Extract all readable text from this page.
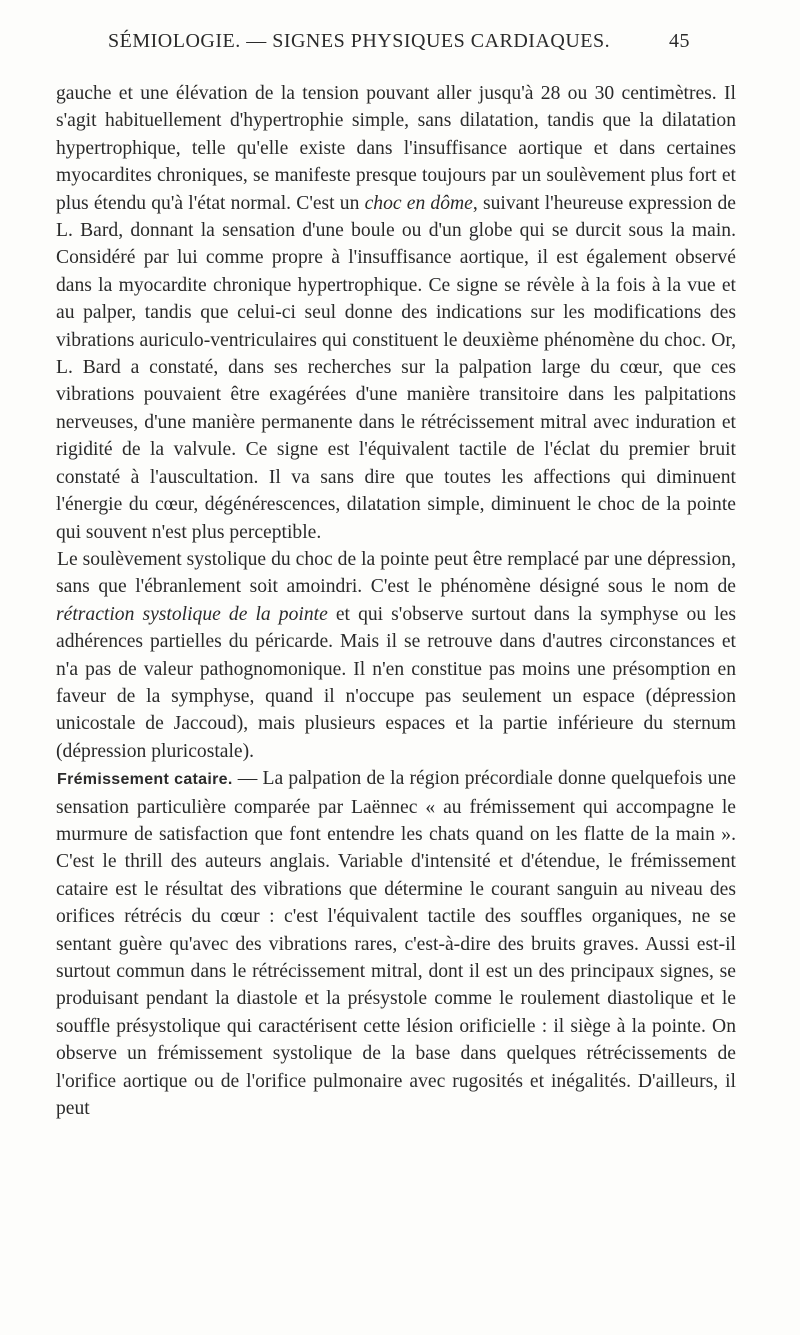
SÉMIOLOGIE. — SIGNES PHYSIQUES CARDIAQUES.	45

gauche et une élévation de la tension pouvant aller jusqu'à 28 ou 30 centimètres. Il s'agit habituellement d'hypertrophie simple, sans dilatation, tandis que la dilatation hypertrophique, telle qu'elle existe dans l'insuffisance aortique et dans certaines myocardites chroniques, se manifeste presque toujours par un soulèvement plus fort et plus étendu qu'à l'état normal. C'est un choc en dôme, suivant l'heureuse expression de L. Bard, donnant la sensation d'une boule ou d'un globe qui se durcit sous la main. Considéré par lui comme propre à l'insuffisance aortique, il est également observé dans la myocardite chronique hypertrophique. Ce signe se révèle à la fois à la vue et au palper, tandis que celui-ci seul donne des indications sur les modifications des vibrations auriculo-ventriculaires qui constituent le deuxième phénomène du choc. Or, L. Bard a constaté, dans ses recherches sur la palpation large du cœur, que ces vibrations pouvaient être exagérées d'une manière transitoire dans les palpitations nerveuses, d'une manière permanente dans le rétrécissement mitral avec induration et rigidité de la valvule. Ce signe est l'équivalent tactile de l'éclat du premier bruit constaté à l'auscultation. Il va sans dire que toutes les affections qui diminuent l'énergie du cœur, dégénérescences, dilatation simple, diminuent le choc de la pointe qui souvent n'est plus perceptible.

Le soulèvement systolique du choc de la pointe peut être remplacé par une dépression, sans que l'ébranlement soit amoindri. C'est le phénomène désigné sous le nom de rétraction systolique de la pointe et qui s'observe surtout dans la symphyse ou les adhérences partielles du péricarde. Mais il se retrouve dans d'autres circonstances et n'a pas de valeur pathognomonique. Il n'en constitue pas moins une présomption en faveur de la symphyse, quand il n'occupe pas seulement un espace (dépression unicostale de Jaccoud), mais plusieurs espaces et la partie inférieure du sternum (dépression pluricostale).

Frémissement cataire. — La palpation de la région précordiale donne quelquefois une sensation particulière comparée par Laënnec « au frémissement qui accompagne le murmure de satisfaction que font entendre les chats quand on les flatte de la main ». C'est le thrill des auteurs anglais. Variable d'intensité et d'étendue, le frémissement cataire est le résultat des vibrations que détermine le courant sanguin au niveau des orifices rétrécis du cœur : c'est l'équivalent tactile des souffles organiques, ne se sentant guère qu'avec des vibrations rares, c'est-à-dire des bruits graves. Aussi est-il surtout commun dans le rétrécissement mitral, dont il est un des principaux signes, se produisant pendant la diastole et la présystole comme le roulement diastolique et le souffle présystolique qui caractérisent cette lésion orificielle : il siège à la pointe. On observe un frémissement systolique de la base dans quelques rétrécissements de l'orifice aortique ou de l'orifice pulmonaire avec rugosités et inégalités. D'ailleurs, il peut
